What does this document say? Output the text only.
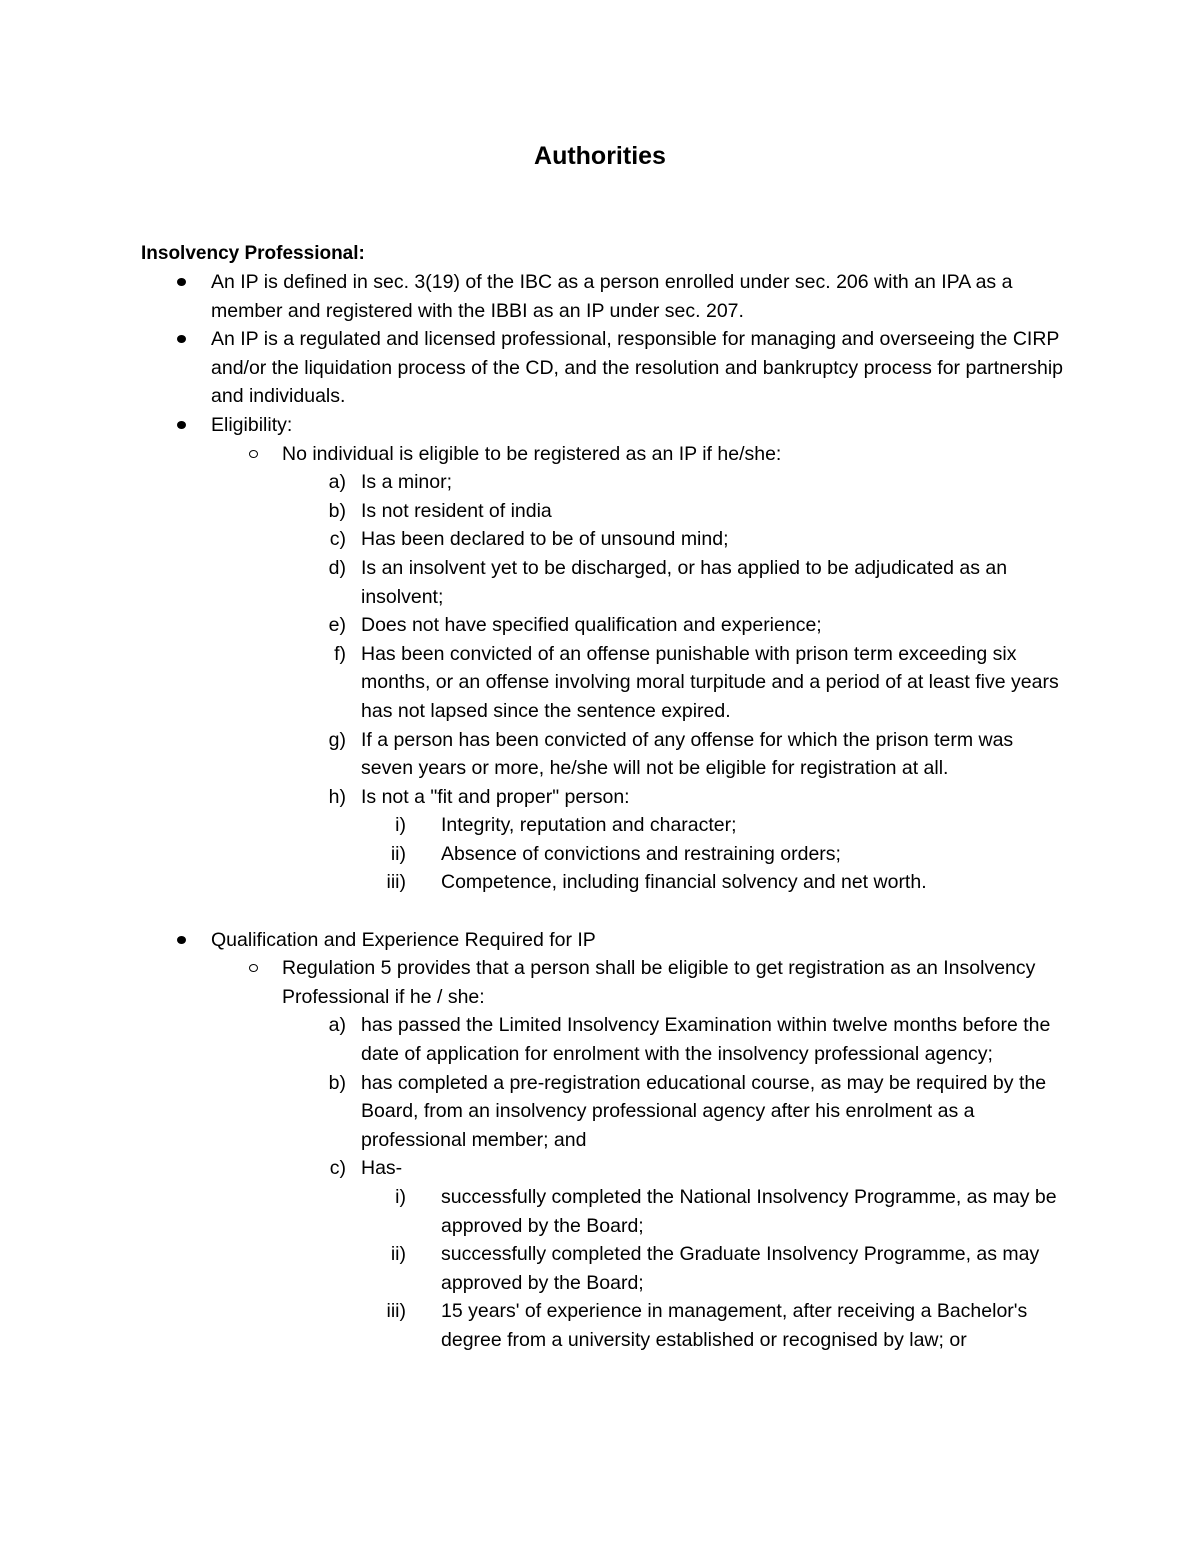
Authorities
Insolvency Professional:
An IP is defined in sec. 3(19) of the IBC as a person enrolled under sec. 206 with an IPA as a member and registered with the IBBI as an IP under sec. 207.
An IP is a regulated and licensed professional, responsible for managing and overseeing the CIRP and/or the liquidation process of the CD, and the resolution and bankruptcy process for partnership and individuals.
Eligibility:
No individual is eligible to be registered as an IP if he/she:
a) Is a minor;
b) Is not resident of india
c) Has been declared to be of unsound mind;
d) Is an insolvent yet to be discharged, or has applied to be adjudicated as an insolvent;
e) Does not have specified qualification and experience;
f) Has been convicted of an offense punishable with prison term exceeding six months, or an offense involving moral turpitude and a period of at least five years has not lapsed since the sentence expired.
g) If a person has been convicted of any offense for which the prison term was seven years or more, he/she will not be eligible for registration at all.
h) Is not a "fit and proper" person:
i) Integrity, reputation and character;
ii) Absence of convictions and restraining orders;
iii) Competence, including financial solvency and net worth.
Qualification and Experience Required for IP
Regulation 5 provides that a person shall be eligible to get registration as an Insolvency Professional if he / she:
a) has passed the Limited Insolvency Examination within twelve months before the date of application for enrolment with the insolvency professional agency;
b) has completed a pre-registration educational course, as may be required by the Board, from an insolvency professional agency after his enrolment as a professional member; and
c) Has-
i) successfully completed the National Insolvency Programme, as may be approved by the Board;
ii) successfully completed the Graduate Insolvency Programme, as may approved by the Board;
iii) 15 years' of experience in management, after receiving a Bachelor's degree from a university established or recognised by law; or
